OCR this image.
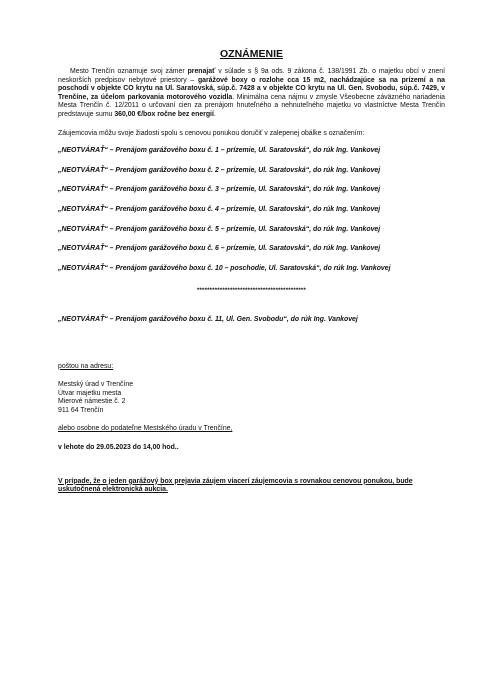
OZNÁMENIE

Mesto Trenčín oznamuje svoj zámer prenajať v súlade s § 9a ods. 9 zákona č. 138/1991 Zb. o majetku obcí v znení neskorších predpisov nebytové priestory – garážové boxy o rozlohe cca 15 m2, nachádzajúce sa na prízemí a na poschodí v objekte CO krytu na Ul. Saratovská, súp.č. 7428 a v objekte CO krytu na Ul. Gen. Svobodu, súp.č. 7429, v Trenčíne, za účelom parkovania motorového vozidla. Minimálna cena nájmu v zmysle Všeobecne záväzného nariadenia Mesta Trenčín č. 12/2011 o určovaní cien za prenájom hnuteľného a nehnuteľného majetku vo vlastníctve Mesta Trenčín predstavuje sumu 360,00 €/box ročne bez energií.

Záujemcovia môžu svoje žiadosti spolu s cenovou ponukou doručiť v zalepenej obálke s označením:

„NEOTVÁRAŤ“ – Prenájom garážového boxu č. 1 – prízemie, Ul. Saratovská“, do rúk Ing. Vankovej
„NEOTVÁRAŤ“ – Prenájom garážového boxu č. 2 – prízemie, Ul. Saratovská“, do rúk Ing. Vankovej
„NEOTVÁRAŤ“ – Prenájom garážového boxu č. 3 – prízemie, Ul. Saratovská“, do rúk Ing. Vankovej
„NEOTVÁRAŤ“ – Prenájom garážového boxu č. 4 – prízemie, Ul. Saratovská“, do rúk Ing. Vankovej
„NEOTVÁRAŤ“ – Prenájom garážového boxu č. 5 – prízemie, Ul. Saratovská“, do rúk Ing. Vankovej
„NEOTVÁRAŤ“ – Prenájom garážového boxu č. 6 – prízemie, Ul. Saratovská“, do rúk Ing. Vankovej
„NEOTVÁRAŤ“ – Prenájom garážového boxu č. 10 – poschodie, Ul. Saratovská“, do rúk Ing. Vankovej
*******************************************
„NEOTVÁRAŤ“ – Prenájom garážového boxu č. 11, Ul. Gen. Svobodu“, do rúk Ing. Vankovej
poštou na adresu:
Mestský úrad v Trenčíne
Útvar majetku mesta
Mierové námestie č. 2
911 64 Trenčín

alebo osobne do podateľne Mestského úradu v Trenčíne,

v lehote do 29.05.2023 do 14,00 hod..

V prípade, že o jeden garážový box prejavia záujem viacerí záujemcovia s rovnakou cenovou ponukou, bude uskutočnená elektronická aukcia.
